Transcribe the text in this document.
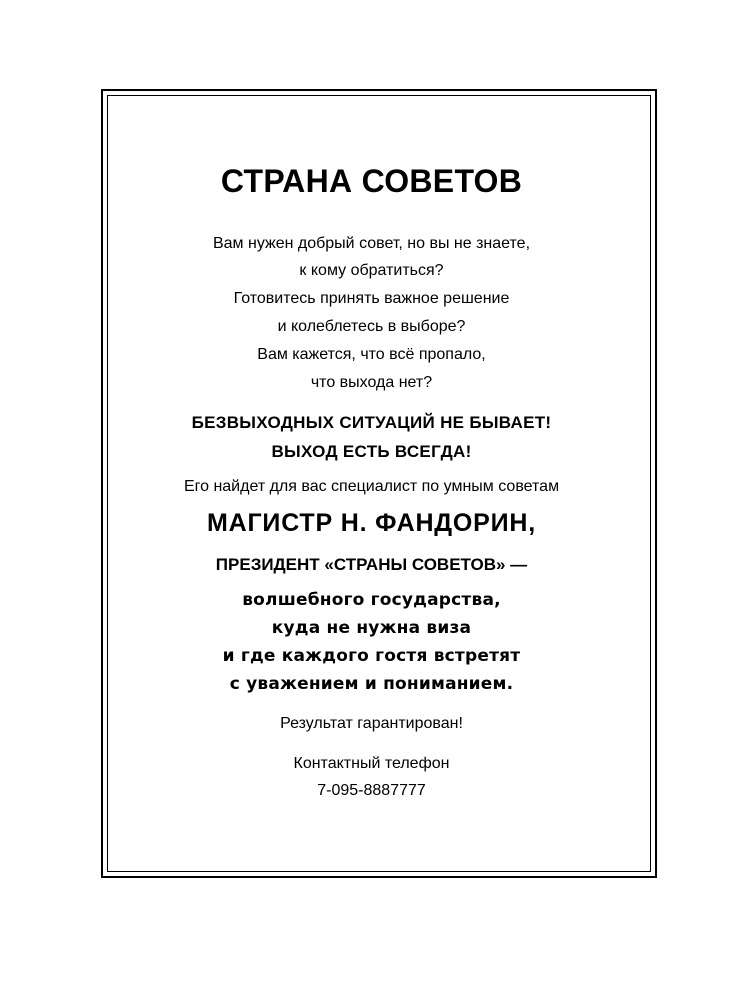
СТРАНА СОВЕТОВ
Вам нужен добрый совет, но вы не знаете,
к кому обратиться?
Готовитесь принять важное решение
и колеблетесь в выборе?
Вам кажется, что всё пропало,
что выхода нет?
БЕЗВЫХОДНЫХ СИТУАЦИЙ НЕ БЫВАЕТ!
ВЫХОД ЕСТЬ ВСЕГДА!
Его найдет для вас специалист по умным советам
МАГИСТР Н. ФАНДОРИН,
ПРЕЗИДЕНТ «СТРАНЫ СОВЕТОВ» —
волшебного государства,
куда не нужна виза
и где каждого гостя встретят
с уважением и пониманием.
Результат гарантирован!
Контактный телефон
7-095-8887777
